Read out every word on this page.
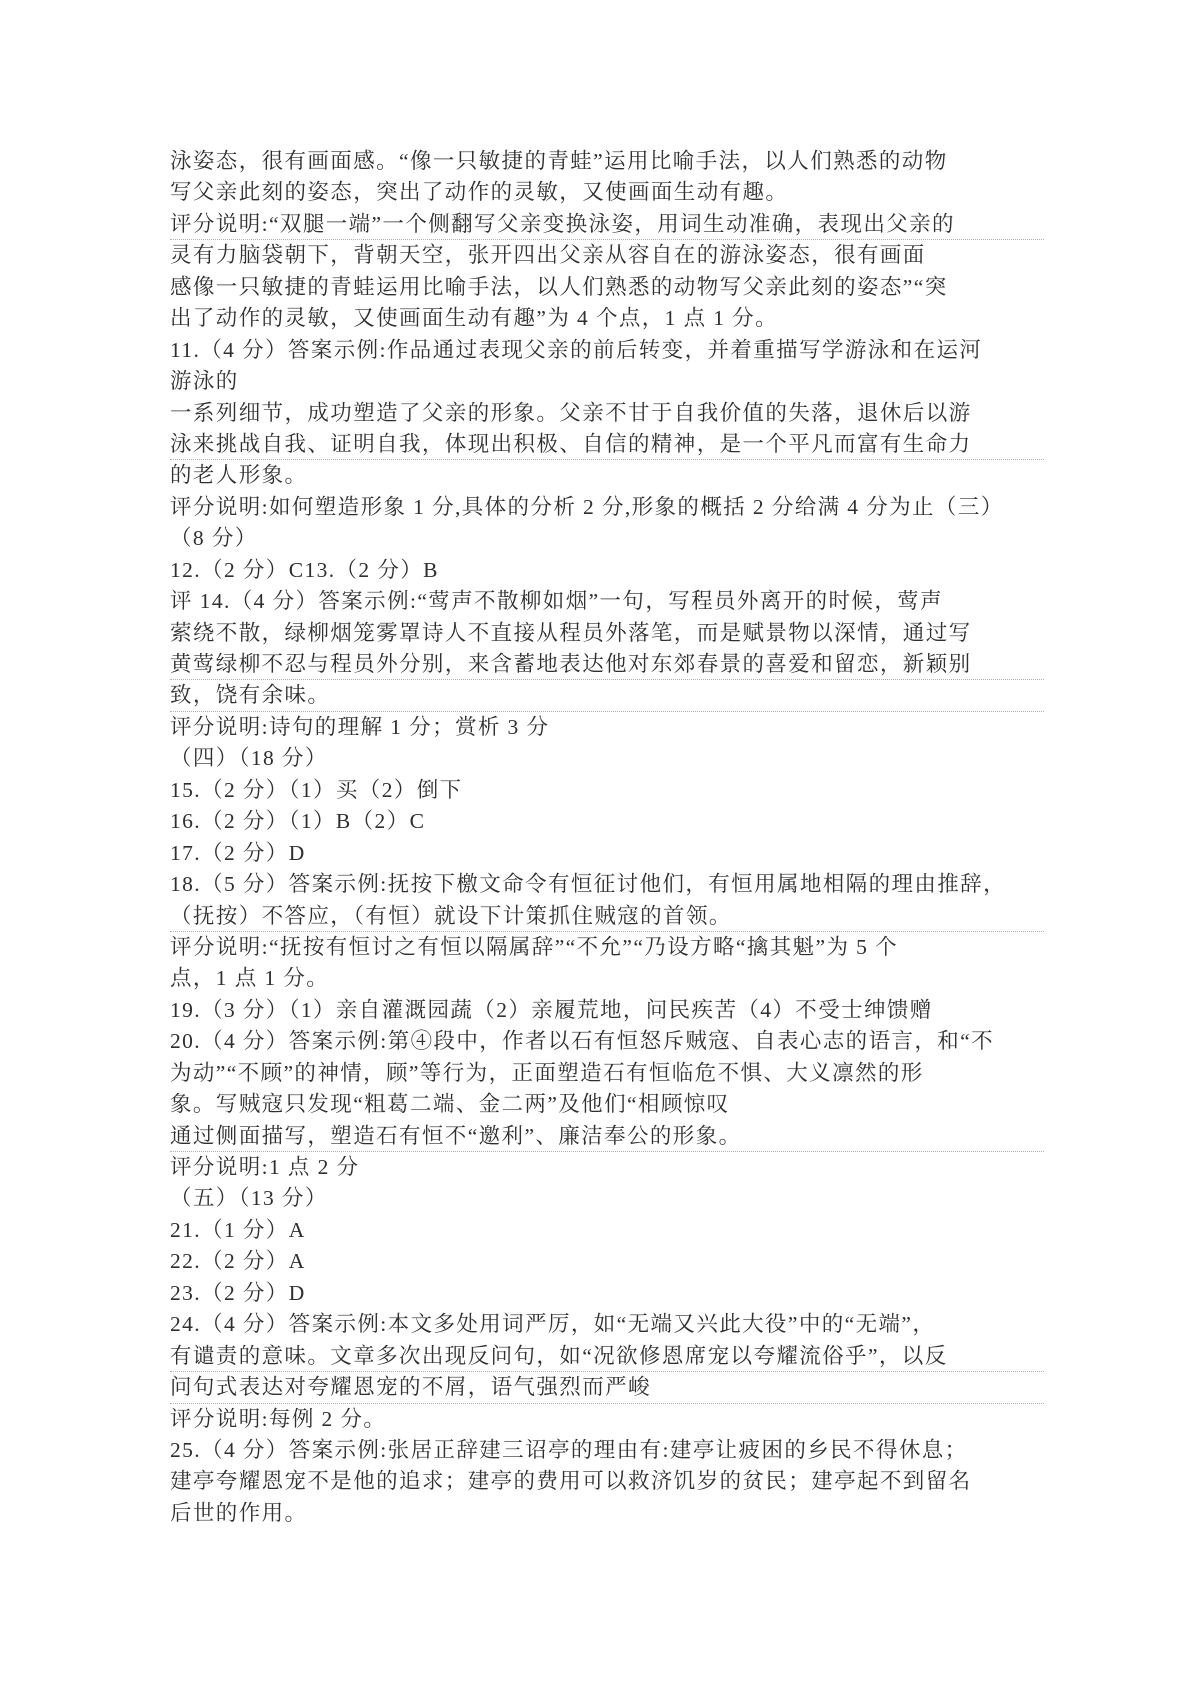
泳姿态，很有画面感。“像一只敏捷的青蛙”运用比喻手法，以人们熟悉的动物
写父亲此刻的姿态，突出了动作的灵敏，又使画面生动有趣。
评分说明:“双腿一端”一个侧翻写父亲变换泳姿，用词生动准确，表现出父亲的
灵有力脑袋朝下，背朝天空，张开四出父亲从容自在的游泳姿态，很有画面
感像一只敏捷的青蛙运用比喻手法，以人们熟悉的动物写父亲此刻的姿态”“突
出了动作的灵敏，又使画面生动有趣”为 4 个点，1 点 1 分。
11.（4 分）答案示例:作品通过表现父亲的前后转变，并着重描写学游泳和在运河
游泳的
一系列细节，成功塑造了父亲的形象。父亲不甘于自我价值的失落，退休后以游
泳来挑战自我、证明自我，体现出积极、自信的精神，是一个平凡而富有生命力
的老人形象。
评分说明:如何塑造形象 1 分,具体的分析 2 分,形象的概括 2 分给满 4 分为止（三）
（8 分）
12.（2 分）C13.（2 分）B
评 14.（4 分）答案示例:“莺声不散柳如烟”一句，写程员外离开的时候，莺声
萦绕不散，绿柳烟笼雾罩诗人不直接从程员外落笔，而是赋景物以深情，通过写
黄莺绿柳不忍与程员外分别，来含蓄地表达他对东郊春景的喜爱和留恋，新颖别
致，饶有余味。
评分说明:诗句的理解 1 分；赏析 3 分
（四）（18 分）
15.（2 分）（1）买（2）倒下
16.（2 分）（1）B（2）C
17.（2 分）D
18.（5 分）答案示例:抚按下檄文命令有恒征讨他们，有恒用属地相隔的理由推辞，
（抚按）不答应，（有恒）就设下计策抓住贼寇的首领。
评分说明:“抚按有恒讨之有恒以隔属辞”“不允”“乃设方略“擒其魁”为 5 个
点，1 点 1 分。
19.（3 分）（1）亲自灌溉园蔬（2）亲履荒地，问民疾苦（4）不受士绅馈赠
20.（4 分）答案示例:第④段中，作者以石有恒怒斥贼寇、自表心志的语言，和“不
为动”“不顾”的神情，顾”等行为，正面塑造石有恒临危不惧、大义凛然的形
象。写贼寇只发现“粗葛二端、金二两”及他们“相顾惊叹
通过侧面描写，塑造石有恒不“邀利”、廉洁奉公的形象。
评分说明:1 点 2 分
（五）（13 分）
21.（1 分）A
22.（2 分）A
23.（2 分）D
24.（4 分）答案示例:本文多处用词严厉，如“无端又兴此大役”中的“无端”，
有谴责的意味。文章多次出现反问句，如“况欲修恩席宠以夸耀流俗乎”，以反
问句式表达对夸耀恩宠的不屑，语气强烈而严峻
评分说明:每例 2 分。
25.（4 分）答案示例:张居正辞建三诏亭的理由有:建亭让疲困的乡民不得休息；
建亭夸耀恩宠不是他的追求；建亭的费用可以救济饥岁的贫民；建亭起不到留名
后世的作用。
